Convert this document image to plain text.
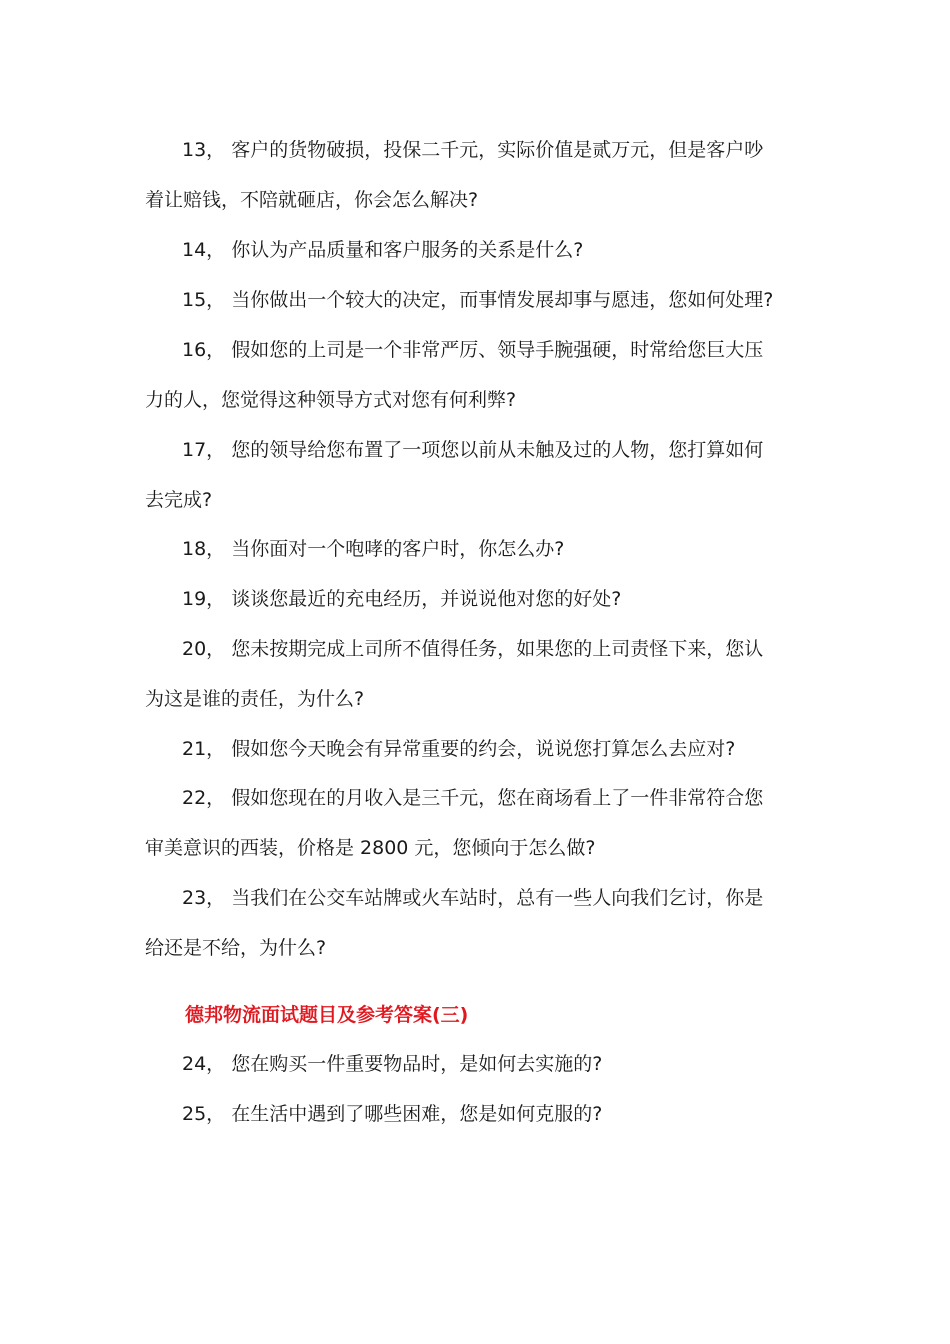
13， 客户的货物破损，投保二千元，实际价值是贰万元，但是客户吵
着让赔钱，不陪就砸店，你会怎么解决?
14， 你认为产品质量和客户服务的关系是什么?
15， 当你做出一个较大的决定，而事情发展却事与愿违，您如何处理?
16， 假如您的上司是一个非常严厉、领导手腕强硬，时常给您巨大压
力的人，您觉得这种领导方式对您有何利弊?
17， 您的领导给您布置了一项您以前从未触及过的人物，您打算如何
去完成?
18， 当你面对一个咆哮的客户时，你怎么办?
19， 谈谈您最近的充电经历，并说说他对您的好处?
20， 您未按期完成上司所不值得任务，如果您的上司责怪下来，您认
为这是谁的责任，为什么?
21， 假如您今天晚会有异常重要的约会，说说您打算怎么去应对?
22， 假如您现在的月收入是三千元，您在商场看上了一件非常符合您
审美意识的西装，价格是 2800 元，您倾向于怎么做?
23， 当我们在公交车站牌或火车站时，总有一些人向我们乞讨，你是
给还是不给，为什么?
德邦物流面试题目及参考答案(三)
24， 您在购买一件重要物品时，是如何去实施的?
25， 在生活中遇到了哪些困难，您是如何克服的?
